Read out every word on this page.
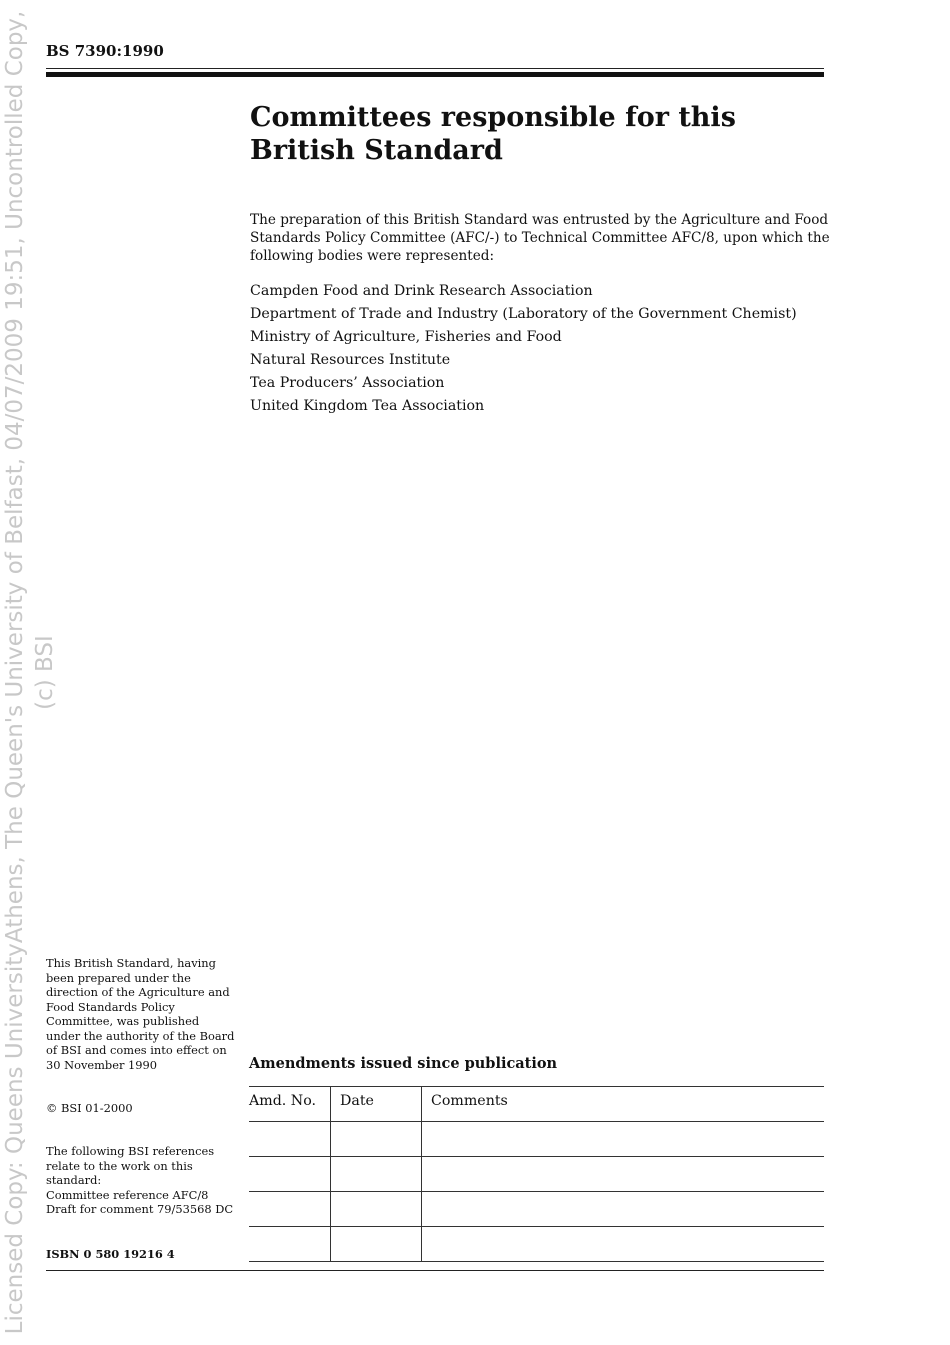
Licensed Copy: Queens UniversityAthens, The Queen's University of Belfast, 04/07/2009 19:51, Uncontrolled Copy, (c) BSI
BS 7390:1990
Committees responsible for this
British Standard

The preparation of this British Standard was entrusted by the Agriculture and Food Standards Policy Committee (AFC/-) to Technical Committee AFC/8, upon which the following bodies were represented:

Campden Food and Drink Research Association
Department of Trade and Industry (Laboratory of the Government Chemist)
Ministry of Agriculture, Fisheries and Food
Natural Resources Institute
Tea Producers’ Association
United Kingdom Tea Association

This British Standard, having been prepared under the direction of the Agriculture and Food Standards Policy Committee, was published under the authority of the Board of BSI and comes into effect on 30 November 1990

© BSI 01-2000

The following BSI references relate to the work on this standard:
Committee reference AFC/8
Draft for comment 79/53568 DC
ISBN 0 580 19216 4
Amendments issued since publication
Amd. No.	Date	Comments
